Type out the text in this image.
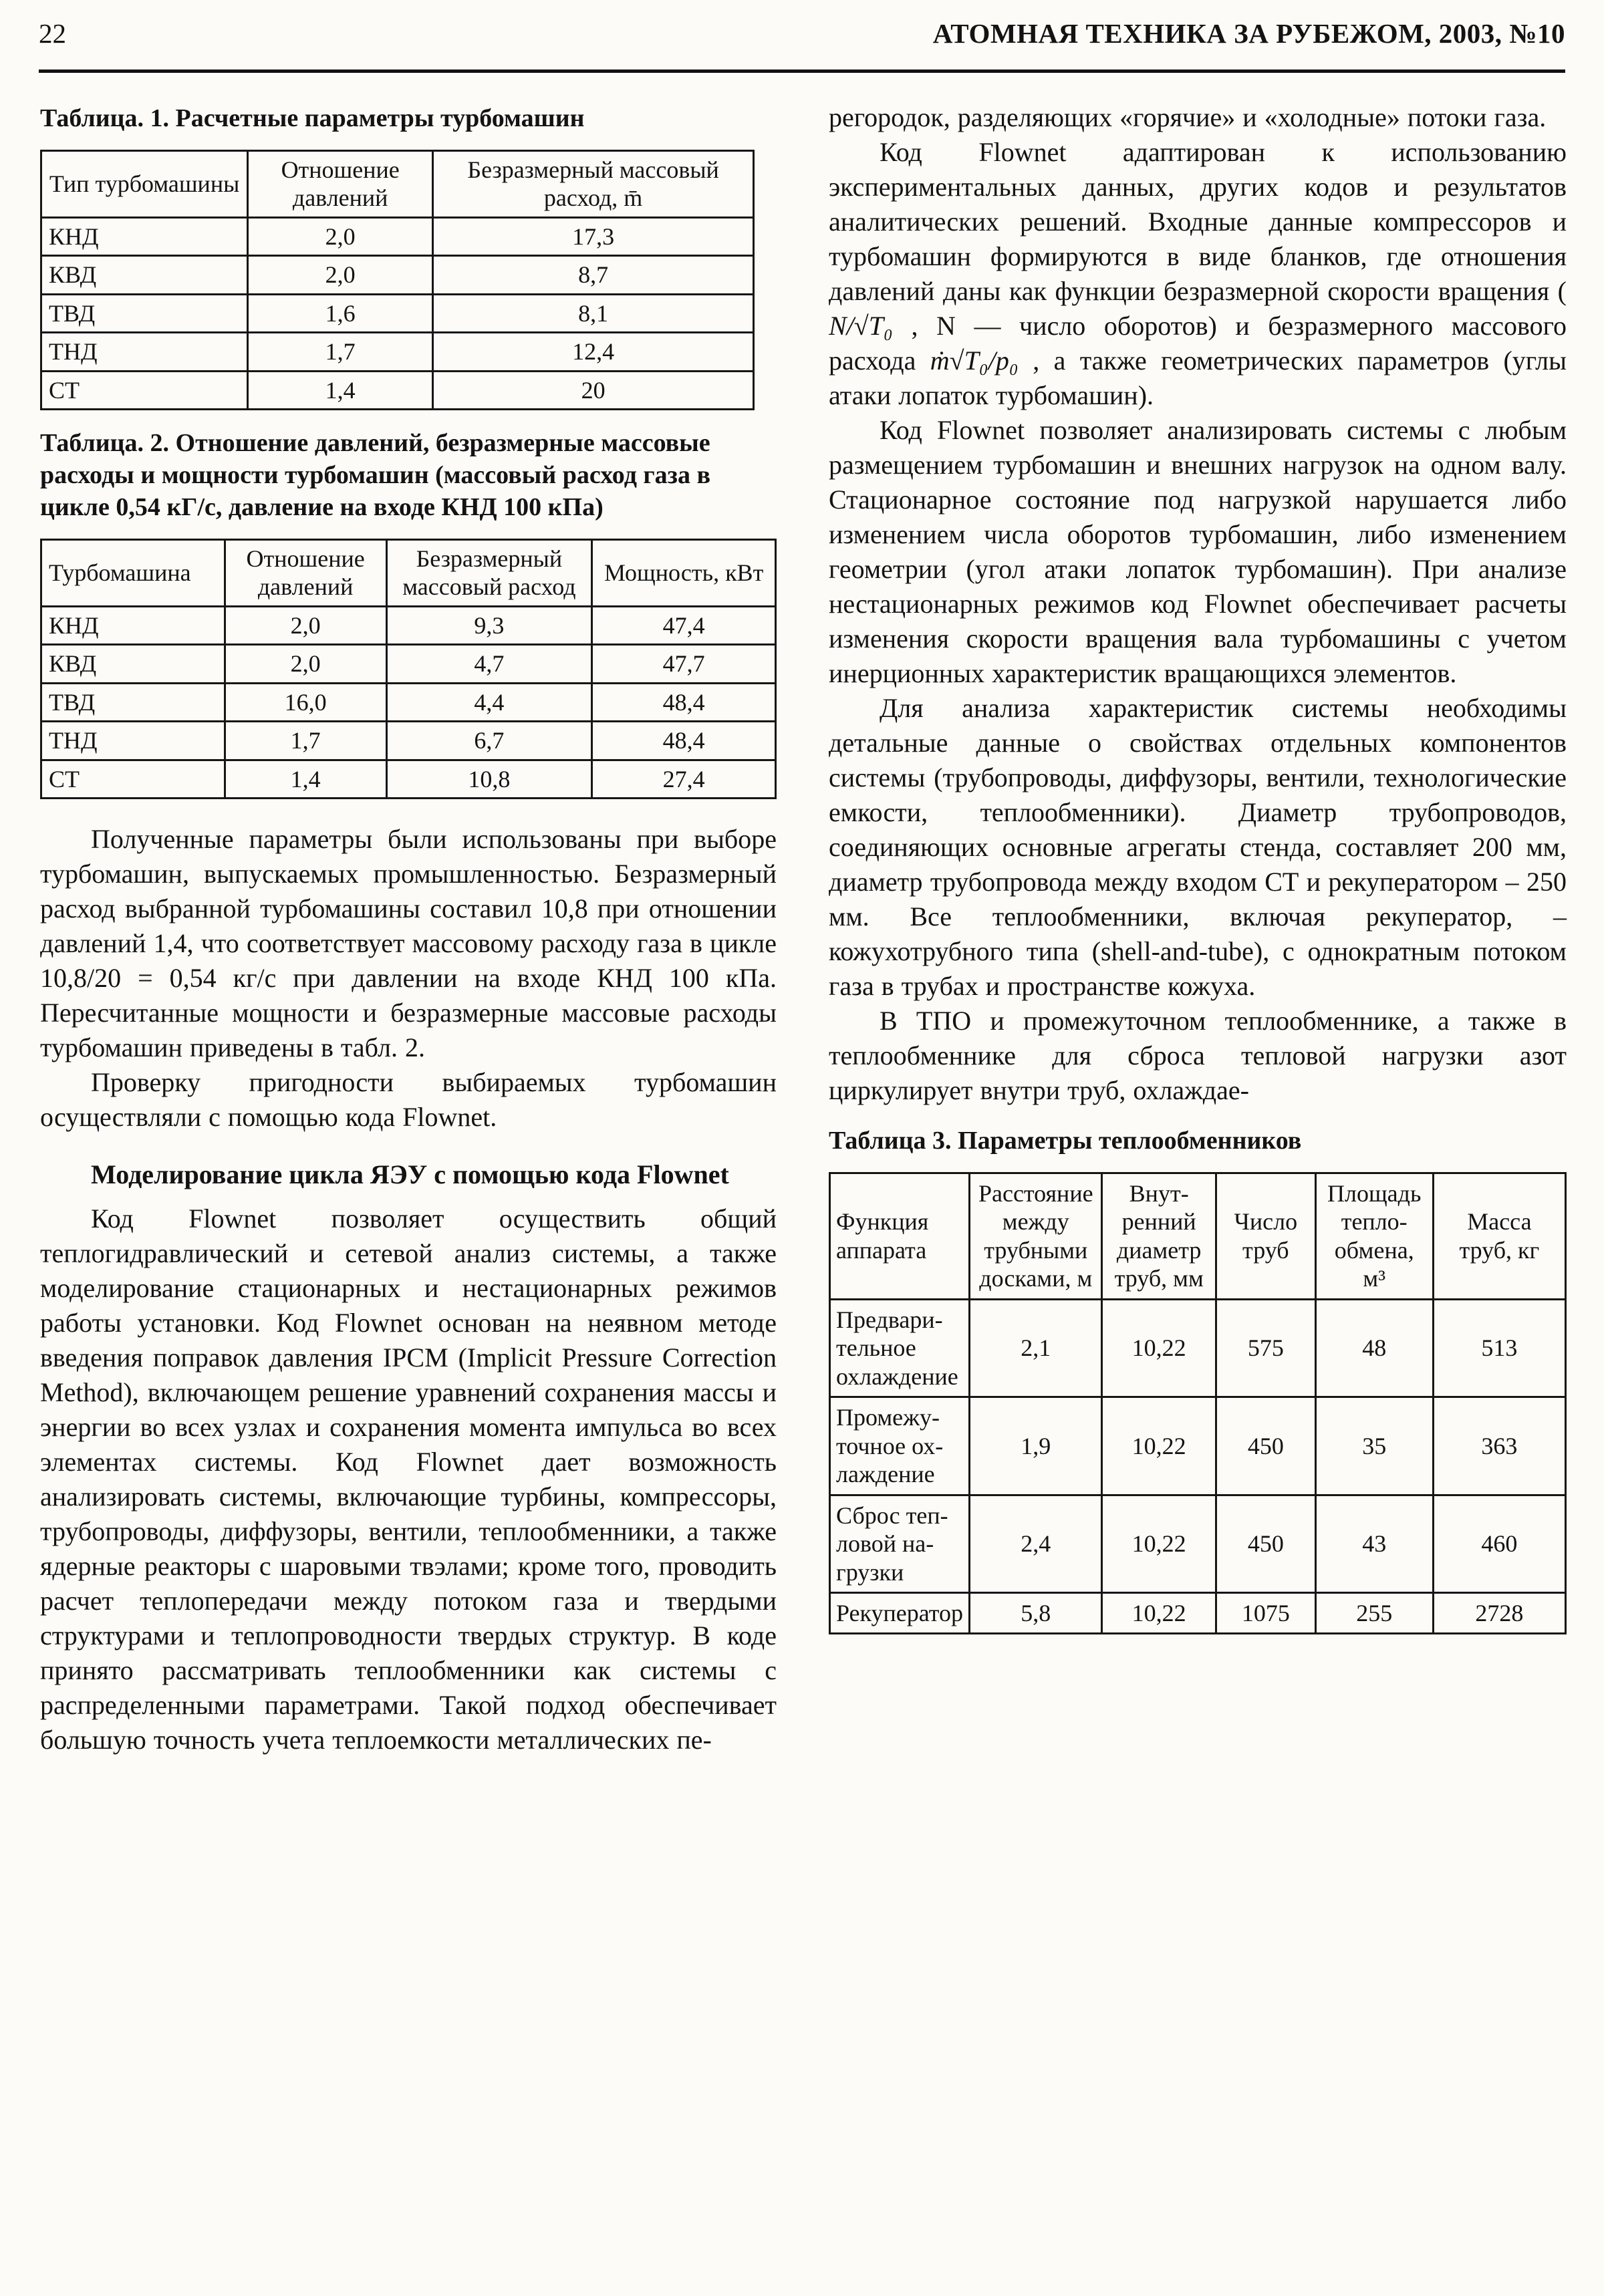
22	АТОМНАЯ ТЕХНИКА ЗА РУБЕЖОМ, 2003, №10

Таблица. 1. Расчетные параметры турбомашин

Тип турбомашины	Отношение давлений	Безразмерный массовый расход, m̄
КНД	2,0	17,3
КВД	2,0	8,7
ТВД	1,6	8,1
ТНД	1,7	12,4
СТ	1,4	20

Таблица. 2. Отношение давлений, безразмерные массовые расходы и мощности турбомашин (массовый расход газа в цикле 0,54 кГ/с, давление на входе КНД 100 кПа)

Турбомашина	Отношение давлений	Безразмерный массовый расход	Мощность, кВт
КНД	2,0	9,3	47,4
КВД	2,0	4,7	47,7
ТВД	16,0	4,4	48,4
ТНД	1,7	6,7	48,4
СТ	1,4	10,8	27,4

Полученные параметры были использованы при выборе турбомашин, выпускаемых промышленностью. Безразмерный расход выбранной турбомашины составил 10,8 при отношении давлений 1,4, что соответствует массовому расходу газа в цикле 10,8/20 = 0,54 кг/с при давлении на входе КНД 100 кПа. Пересчитанные мощности и безразмерные массовые расходы турбомашин приведены в табл. 2.

Проверку пригодности выбираемых турбомашин осуществляли с помощью кода Flownet.

Моделирование цикла ЯЭУ с помощью кода Flownet

Код Flownet позволяет осуществить общий теплогидравлический и сетевой анализ системы, а также моделирование стационарных и нестационарных режимов работы установки. Код Flownet основан на неявном методе введения поправок давления IPCM (Implicit Pressure Correction Method), включающем решение уравнений сохранения массы и энергии во всех узлах и сохранения момента импульса во всех элементах системы. Код Flownet дает возможность анализировать системы, включающие турбины, компрессоры, трубопроводы, диффузоры, вентили, теплообменники, а также ядерные реакторы с шаровыми твэлами; кроме того, проводить расчет теплопередачи между потоком газа и твердыми структурами и теплопроводности твердых структур. В коде принято рассматривать теплообменники как системы с распределенными параметрами. Такой подход обеспечивает большую точность учета теплоемкости металлических пе-

регородок, разделяющих «горячие» и «холодные» потоки газа.

Код Flownet адаптирован к использованию экспериментальных данных, других кодов и результатов аналитических решений. Входные данные компрессоров и турбомашин формируются в виде бланков, где отношения давлений даны как функции безразмерной скорости вращения ( N/√T₀ , N — число оборотов) и безразмерного массового расхода ṁ√T₀/p₀ , а также геометрических параметров (углы атаки лопаток турбомашин).

Код Flownet позволяет анализировать системы с любым размещением турбомашин и внешних нагрузок на одном валу. Стационарное состояние под нагрузкой нарушается либо изменением числа оборотов турбомашин, либо изменением геометрии (угол атаки лопаток турбомашин). При анализе нестационарных режимов код Flownet обеспечивает расчеты изменения скорости вращения вала турбомашины с учетом инерционных характеристик вращающихся элементов.

Для анализа характеристик системы необходимы детальные данные о свойствах отдельных компонентов системы (трубопроводы, диффузоры, вентили, технологические емкости, теплообменники). Диаметр трубопроводов, соединяющих основные агрегаты стенда, составляет 200 мм, диаметр трубопровода между входом СТ и рекуператором – 250 мм. Все теплообменники, включая рекуператор, – кожухотрубного типа (shell-and-tube), с однократным потоком газа в трубах и пространстве кожуха.

В ТПО и промежуточном теплообменнике, а также в теплообменнике для сброса тепловой нагрузки азот циркулирует внутри труб, охлаждае-

Таблица 3. Параметры теплообменников

Функция аппарата	Расстояние между трубными досками, м	Внутренний диаметр труб, мм	Число труб	Площадь теплообмена, м³	Масса труб, кг
Предварительное охлаждение	2,1	10,22	575	48	513
Промежуточное охлаждение	1,9	10,22	450	35	363
Сброс тепловой нагрузки	2,4	10,22	450	43	460
Рекуператор	5,8	10,22	1075	255	2728
